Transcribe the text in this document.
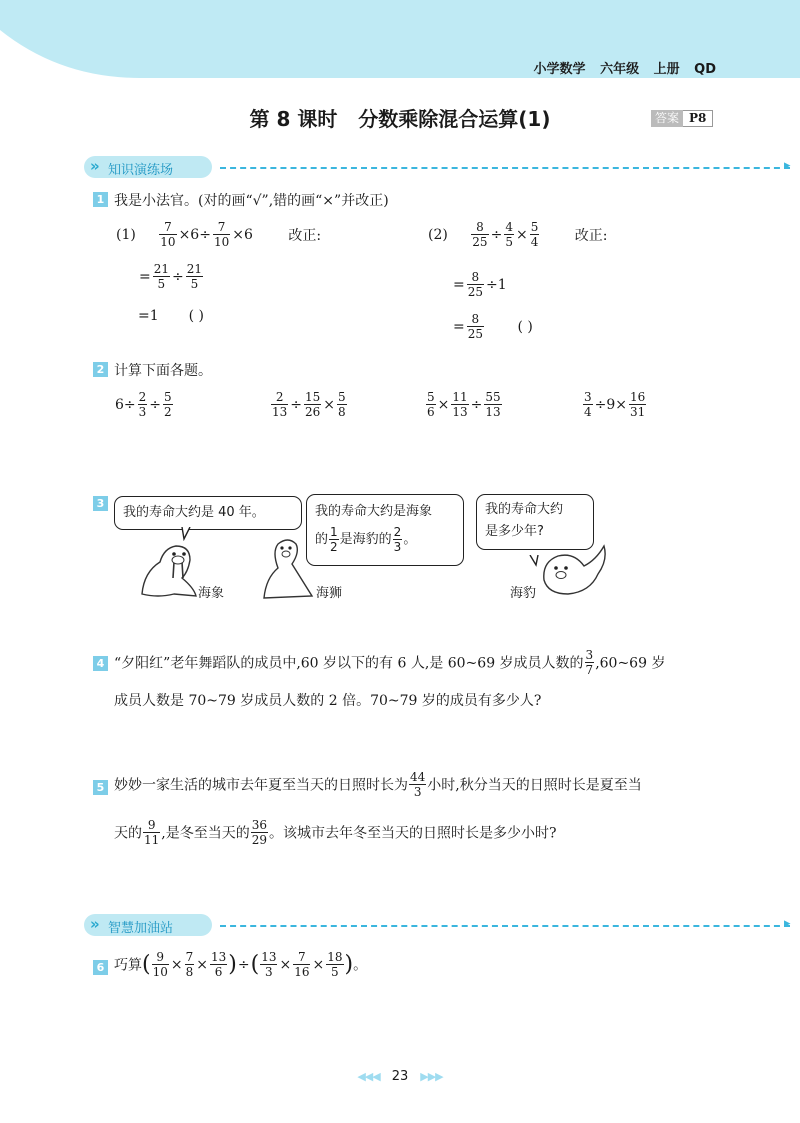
小学数学 六年级 上册 QD
第 8 课时   分数乘除混合运算(1)	答案 P8
» 知识演练场	▸
1 我是小法官。(对的画“√”,错的画“×”并改正)
$(1) \frac{7}{10} \times 6\div \frac{7}{10} \times 6$	改正:
= $\frac{21}{5} \div \frac{21}{5}$
=1 ( )
$(2) \frac{8}{25} \div \frac{4}{5} \times \frac{5}{4}$	改正:
= $\frac{8}{25} \div 1$
= $\frac{8}{25}$ ( )
2 计算下面各题。
$6\div \frac{2}{3} \div \frac{5}{2}$	$\frac{2}{13} \div \frac{15}{26} \times \frac{5}{8}$	$\frac{5}{6} \times \frac{11}{13} \div \frac{55}{13}$	$\frac{3}{4} \div 9\times \frac{16}{31}$
3
我的寿命大约是 40 年。	我的寿命大约是海象
的 $\frac{1}{2}$ 是海豹的 $\frac{2}{3}$ 。
我的寿命大约
是多少年?
海象	海狮	海豹
4 “夕阳红”老年舞蹈队的成员中,60 岁以下的有 6 人,是 60~69 岁成员人数的 $\frac{3}{7}$ ,60~69 岁
成员人数是 70~79 岁成员人数的 2 倍。70~79 岁的成员有多少人?
5 妙妙一家生活的城市去年夏至当天的日照时长为 $\frac{44}{3}$ 小时,秋分当天的日照时长是夏至当
天的 $\frac{9}{11}$ ,是冬至当天的 $\frac{36}{29}$ 。该城市去年冬至当天的日照时长是多少小时?
» 智慧加油站	▸
6 巧算( $\frac{9}{10} \times \frac{7}{8} \times \frac{13}{6}$ )÷( $\frac{13}{3} \times \frac{7}{16} \times \frac{18}{5}$ )。
◀◀◀ 23 ▶▶▶
